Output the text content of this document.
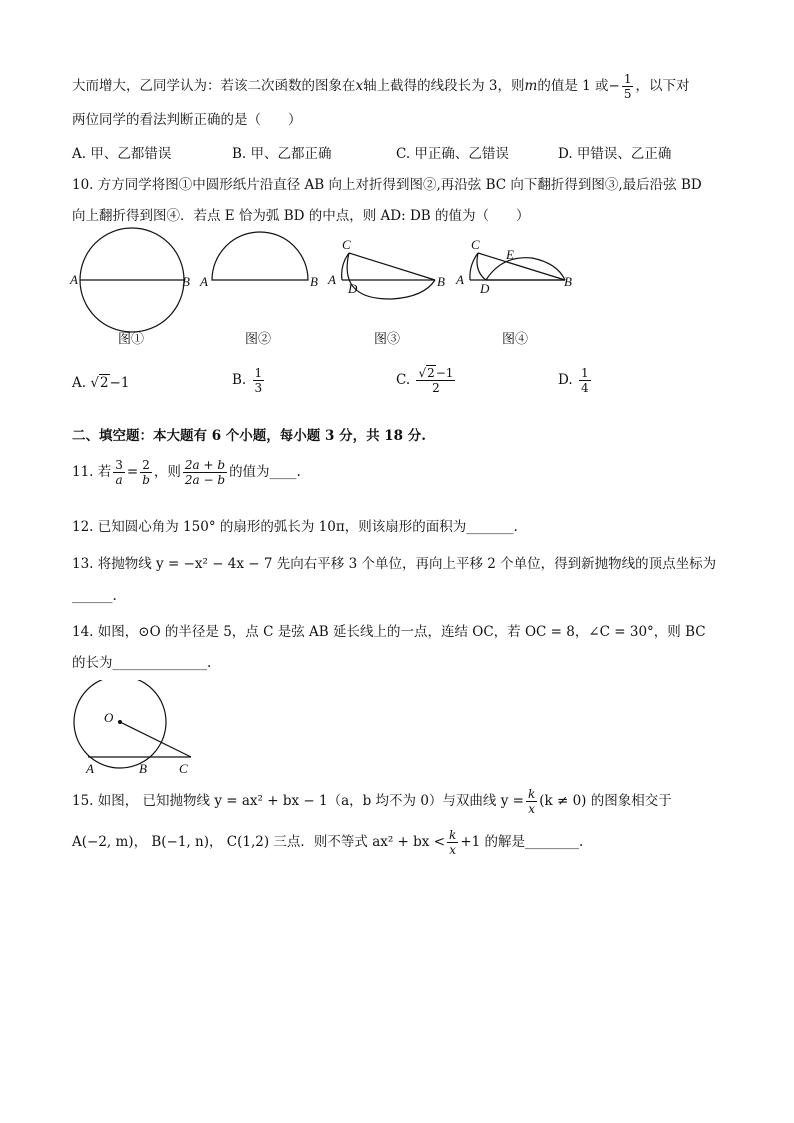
大而增大，乙同学认为：若该二次函数的图象在x轴上截得的线段长为 3，则m的值是 1 或− $\frac{1}{5}$ ，以下对
两位同学的看法判断正确的是（　　）
A. 甲、乙都错误	B. 甲、乙都正确	C. 甲正确、乙错误	D. 甲错误、乙正确
10. 方方同学将图①中圆形纸片沿直径 AB 向上对折得到图②,再沿弦 BC 向下翻折得到图③,最后沿弦 BD
向上翻折得到图④．若点 E 恰为弧 BD 的中点，则 AD: DB 的值为（　　）
A	B A	B
C
A
D	B
C
E
A
D	B
图①	图②	图③	图④
A. √2−1	B. $\frac{1}{3}$	C. $\frac{√2-1}{2}$	D. $\frac{1}{4}$
二、填空题：本大题有 6 个小题，每小题 3 分，共 18 分.
11. 若 $\frac{3}{a} = \frac{2}{b}$ ，则 $\frac{2a + b}{2a - b}$ 的值为____.
12. 已知圆心角为 150° 的扇形的弧长为 10π，则该扇形的面积为_______.
13. 将抛物线 y = −x² − 4x − 7 先向右平移 3 个单位，再向上平移 2 个单位，得到新抛物线的顶点坐标为
______.
14. 如图，⊙O 的半径是 5，点 C 是弦 AB 延长线上的一点，连结 OC，若 OC = 8，∠C = 30°，则 BC
的长为______________.
O
A	B C
15. 如图， 已知抛物线 y = ax² + bx − 1（a，b 均不为 0）与双曲线 $y = \frac{k}{x} (k \ne 0)$ 的图象相交于
A(−2, m)， B(−1, n)， C(1,2) 三点．则不等式 ax² + bx < $\frac{k}{x} +1$ 的解是________.
